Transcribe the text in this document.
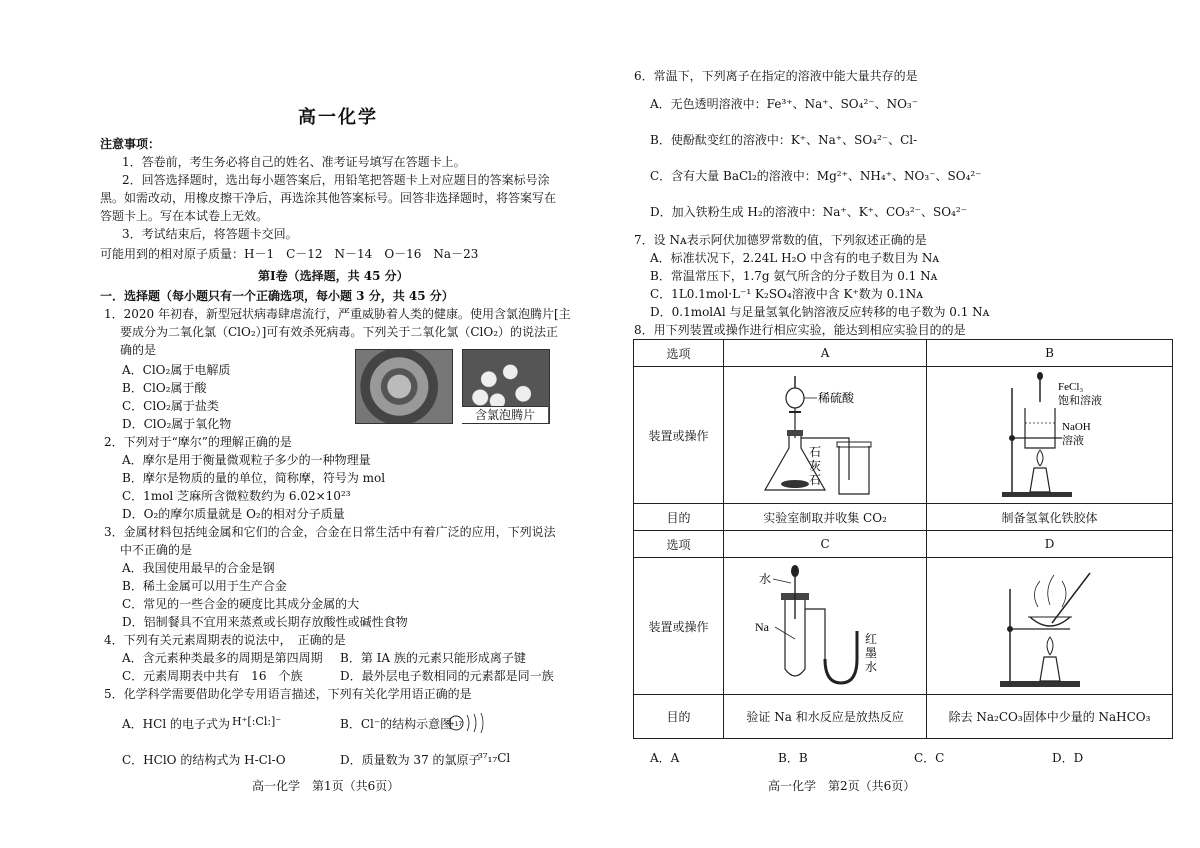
高一化学
注意事项：
1．答卷前，考生务必将自己的姓名、准考证号填写在答题卡上。
2．回答选择题时，选出每小题答案后，用铅笔把答题卡上对应题目的答案标号涂
黑。如需改动，用橡皮擦干净后，再选涂其他答案标号。回答非选择题时，将答案写在
答题卡上。写在本试卷上无效。
3．考试结束后，将答题卡交回。
可能用到的相对原子质量：H－1　C－12　N－14　O－16　Na－23
第Ⅰ卷（选择题，共 45 分）
一．选择题（每小题只有一个正确选项，每小题 3 分，共 45 分）
1．2020 年初春，新型冠状病毒肆虐流行，严重威胁着人类的健康。使用含氯泡腾片[主
要成分为二氧化氯（ClO₂）]可有效杀死病毒。下列关于二氧化氯（ClO₂）的说法正
确的是
A．ClO₂属于电解质
B．ClO₂属于酸
C．ClO₂属于盐类
D．ClO₂属于氧化物
含氯泡腾片
2．下列对于“摩尔”的理解正确的是
A．摩尔是用于衡量微观粒子多少的一种物理量
B．摩尔是物质的量的单位，简称摩，符号为 mol
C．1mol 芝麻所含微粒数约为 6.02×10²³
D．O₂的摩尔质量就是 O₂的相对分子质量
3．金属材料包括纯金属和它们的合金，合金在日常生活中有着广泛的应用，下列说法
中不正确的是
A．我国使用最早的合金是钢
B．稀土金属可以用于生产合金
C．常见的一些合金的硬度比其成分金属的大
D．铝制餐具不宜用来蒸煮或长期存放酸性或碱性食物
4．下列有关元素周期表的说法中，　正确的是
A．含元素种类最多的周期是第四周期 B．第 IA 族的元素只能形成离子键
C．元素周期表中共有　16　个族	D．最外层电子数相同的元素都是同一族
5．化学科学需要借助化学专用语言描述，下列有关化学用语正确的是
A．HCl 的电子式为 H⁺[:Cl:]⁻	B．Cl⁻的结构示意图
+17
C．HClO 的结构式为 H-Cl-O	D．质量数为 37 的氯原子
³⁷₁₇Cl
高一化学　第1页（共6页）
6．常温下，下列离子在指定的溶液中能大量共存的是
A．无色透明溶液中：Fe³⁺、Na⁺、SO₄²⁻、NO₃⁻
B．使酚酞变红的溶液中：K⁺、Na⁺、SO₄²⁻、Cl-
C．含有大量 BaCl₂的溶液中：Mg²⁺、NH₄⁺、NO₃⁻、SO₄²⁻
D．加入铁粉生成 H₂的溶液中：Na⁺、K⁺、CO₃²⁻、SO₄²⁻
7．设 Nᴀ表示阿伏加德罗常数的值，下列叙述正确的是
A．标准状况下，2.24L H₂O 中含有的电子数目为 Nᴀ
B．常温常压下，1.7g 氨气所含的分子数目为 0.1 Nᴀ
C．1L0.1mol·L⁻¹ K₂SO₄溶液中含 K⁺数为 0.1Nᴀ
D．0.1molAl 与足量氢氧化钠溶液反应转移的电子数为 0.1 Nᴀ
8．用下列装置或操作进行相应实验，能达到相应实验目的的是
选项	A	B
装置或操作	稀硫酸
石
灰
石	FeCl₃
饱和溶液
NaOH
溶液

目的	实验室制取并收集 CO₂	制备氢氧化铁胶体
选项	C	D
装置或操作	水
Na
红
墨
水

目的	验证 Na 和水反应是放热反应	除去 Na₂CO₃固体中少量的 NaHCO₃
A．A	B．B	C．C	D．D
高一化学　第2页（共6页）
